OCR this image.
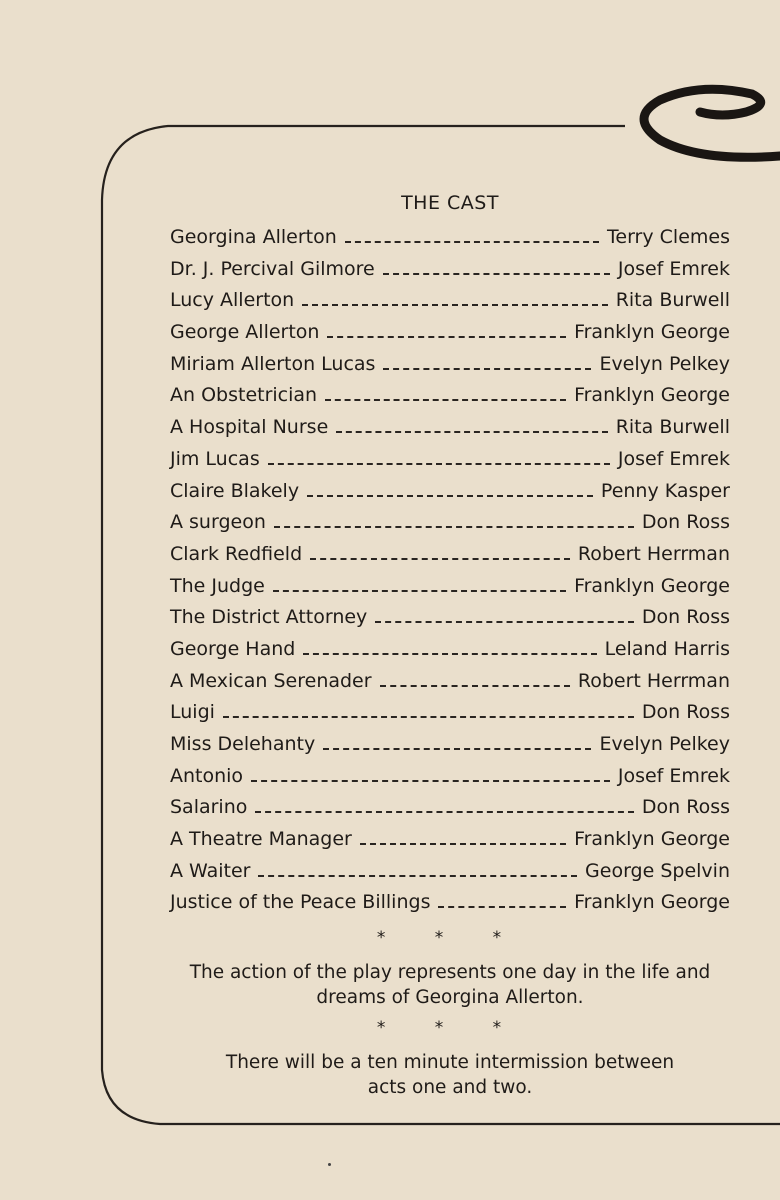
THE CAST
Georgina Allerton	Terry Clemes
Dr. J. Percival Gilmore	Josef Emrek
Lucy Allerton	Rita Burwell
George Allerton	Franklyn George
Miriam Allerton Lucas	Evelyn Pelkey
An Obstetrician	Franklyn George
A Hospital Nurse	Rita Burwell
Jim Lucas	Josef Emrek
Claire Blakely	Penny Kasper
A surgeon	Don Ross
Clark Redfield	Robert Herrman
The Judge	Franklyn George
The District Attorney	Don Ross
George Hand	Leland Harris
A Mexican Serenader	Robert Herrman
Luigi	Don Ross
Miss Delehanty	Evelyn Pelkey
Antonio	Josef Emrek
Salarino	Don Ross
A Theatre Manager	Franklyn George
A Waiter	George Spelvin
Justice of the Peace Billings	Franklyn George
* * *
The action of the play represents one day in the life and
dreams of Georgina Allerton.
* * *
There will be a ten minute intermission between
acts one and two.
